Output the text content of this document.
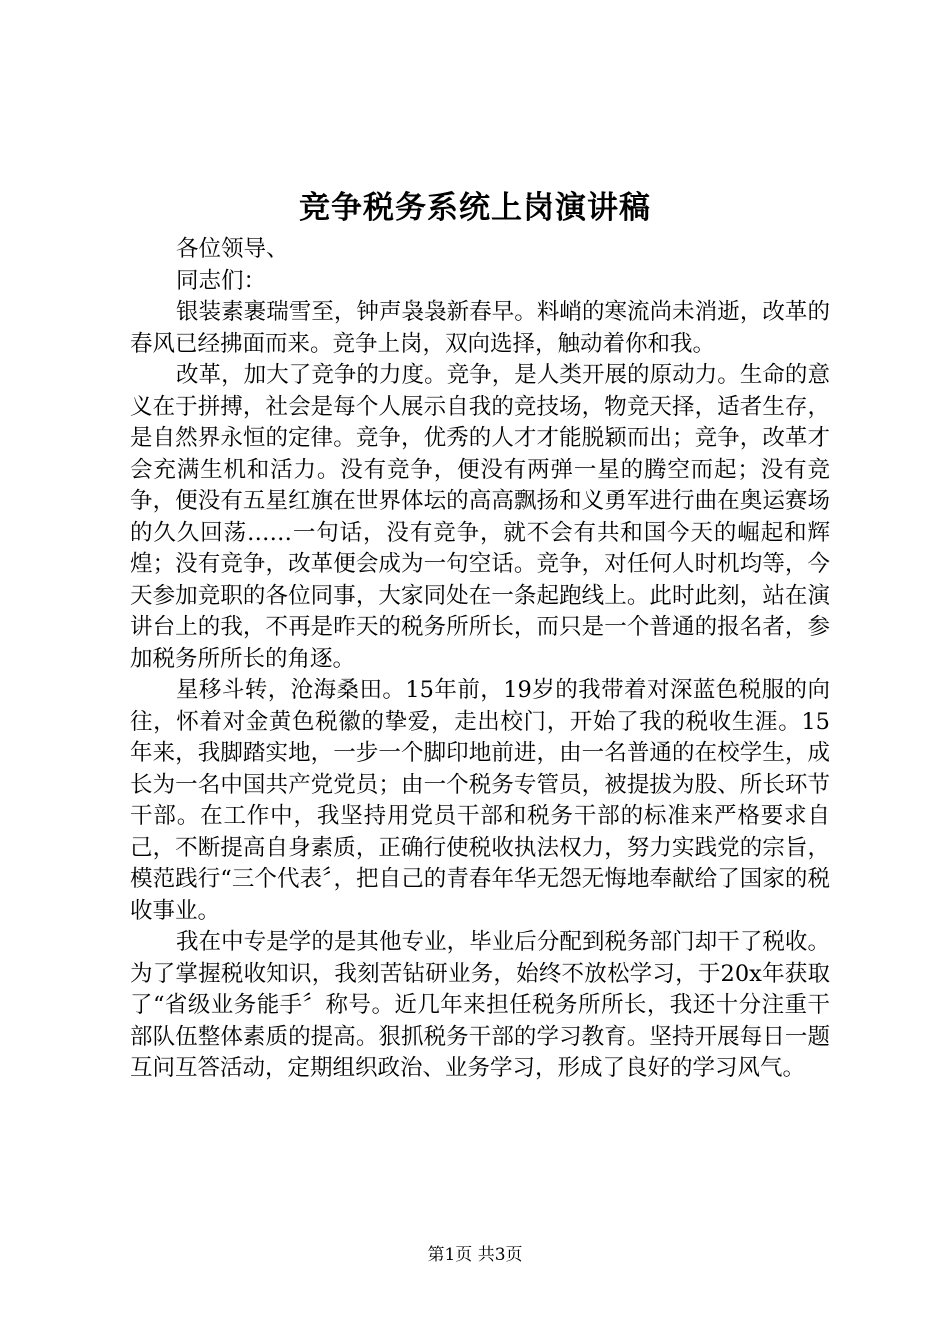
竞争税务系统上岗演讲稿

各位领导、

同志们：

银装素裹瑞雪至，钟声袅袅新春早。料峭的寒流尚未消逝，改革的春风已经拂面而来。竞争上岗，双向选择，触动着你和我。

改革，加大了竞争的力度。竞争，是人类开展的原动力。生命的意义在于拼搏，社会是每个人展示自我的竞技场，物竞天择，适者生存，是自然界永恒的定律。竞争，优秀的人才才能脱颖而出；竞争，改革才会充满生机和活力。没有竞争，便没有两弹一星的腾空而起；没有竞争，便没有五星红旗在世界体坛的高高飘扬和义勇军进行曲在奥运赛场的久久回荡……一句话，没有竞争，就不会有共和国今天的崛起和辉煌；没有竞争，改革便会成为一句空话。竞争，对任何人时机均等，今天参加竞职的各位同事，大家同处在一条起跑线上。此时此刻，站在演讲台上的我，不再是昨天的税务所所长，而只是一个普通的报名者，参加税务所所长的角逐。

星移斗转，沧海桑田。15年前，19岁的我带着对深蓝色税服的向往，怀着对金黄色税徽的挚爱，走出校门，开始了我的税收生涯。15年来，我脚踏实地，一步一个脚印地前进，由一名普通的在校学生，成长为一名中国共产党党员；由一个税务专管员，被提拔为股、所长环节干部。在工作中，我坚持用党员干部和税务干部的标准来严格要求自己，不断提高自身素质，正确行使税收执法权力，努力实践党的宗旨，模范践行“三个代表〞，把自己的青春年华无怨无悔地奉献给了国家的税收事业。

我在中专是学的是其他专业，毕业后分配到税务部门却干了税收。为了掌握税收知识，我刻苦钻研业务，始终不放松学习，于20x年获取了“省级业务能手〞称号。近几年来担任税务所所长，我还十分注重干部队伍整体素质的提高。狠抓税务干部的学习教育。坚持开展每日一题互问互答活动，定期组织政治、业务学习，形成了良好的学习风气。

第1页 共3页
